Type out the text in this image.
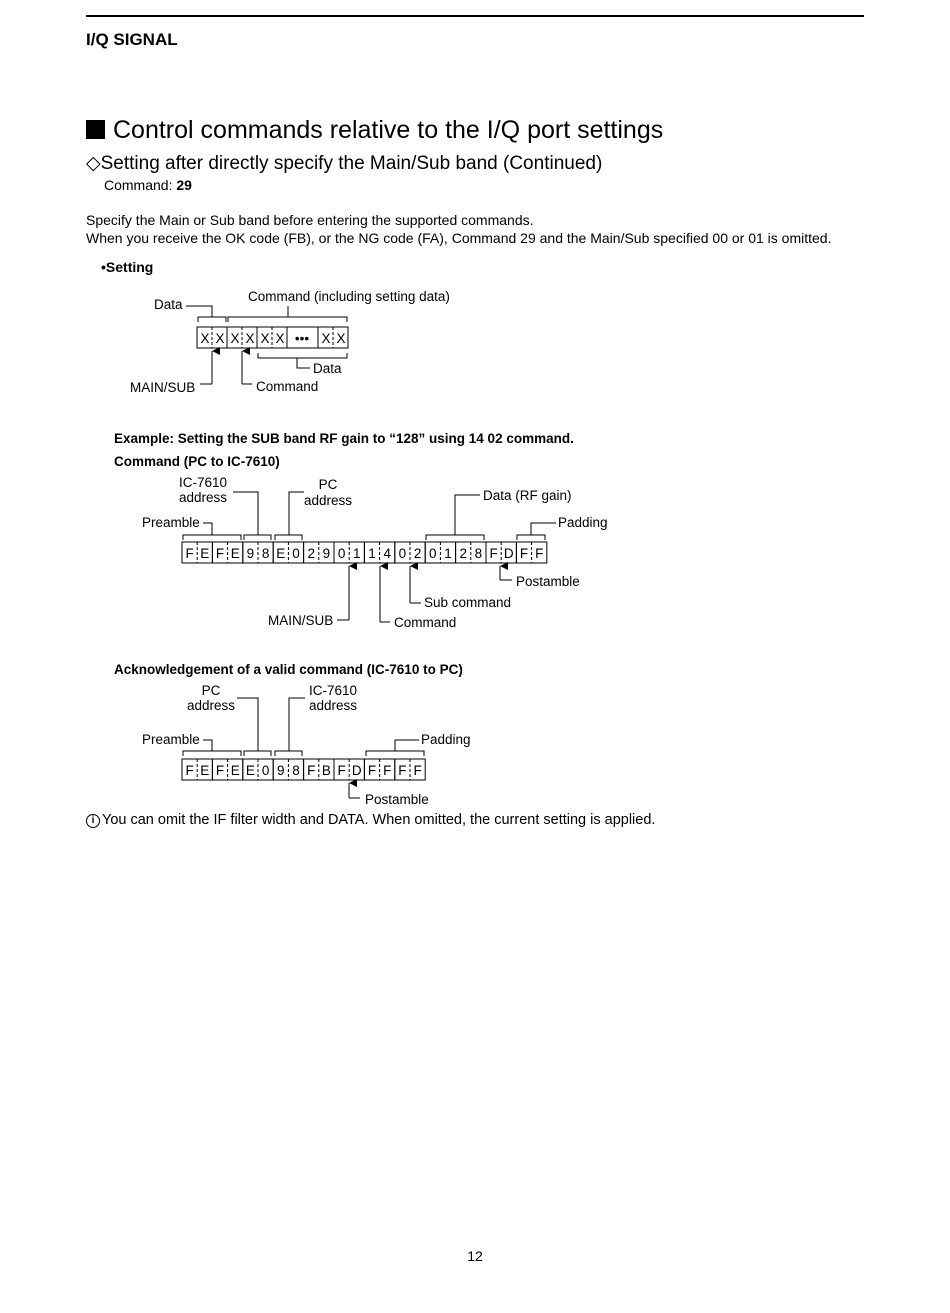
I/Q SIGNAL
Control commands relative to the I/Q port settings
◇Setting after directly specify the Main/Sub band (Continued)
Command: 29
Specify the Main or Sub band before entering the supported commands.
When you receive the OK code (FB), or the NG code (FA), Command 29 and the Main/Sub specified 00 or 01 is omitted.
•Setting
Example: Setting the SUB band RF gain to “128” using 14 02 command.
Command (PC to IC-7610)
Acknowledgement of a valid command (IC-7610 to PC)
Data
Command (including setting data)
Data
MAIN/SUB	Command
X X X X X X ••• X X
F E F E 9 8 E 0 2 9 0 1 1 4 0 2 0 1 2 8 F D F F
IC-7610
address
PC
address	Data (RF gain)
Preamble	Padding
Postamble
Sub command
MAIN/SUB	Command
F E F E E 0 9 8 F B F D F F F F
PC
address
IC-7610
address
Preamble	Padding
Postamble
i You can omit the IF filter width and DATA. When omitted, the current setting is applied.
12
